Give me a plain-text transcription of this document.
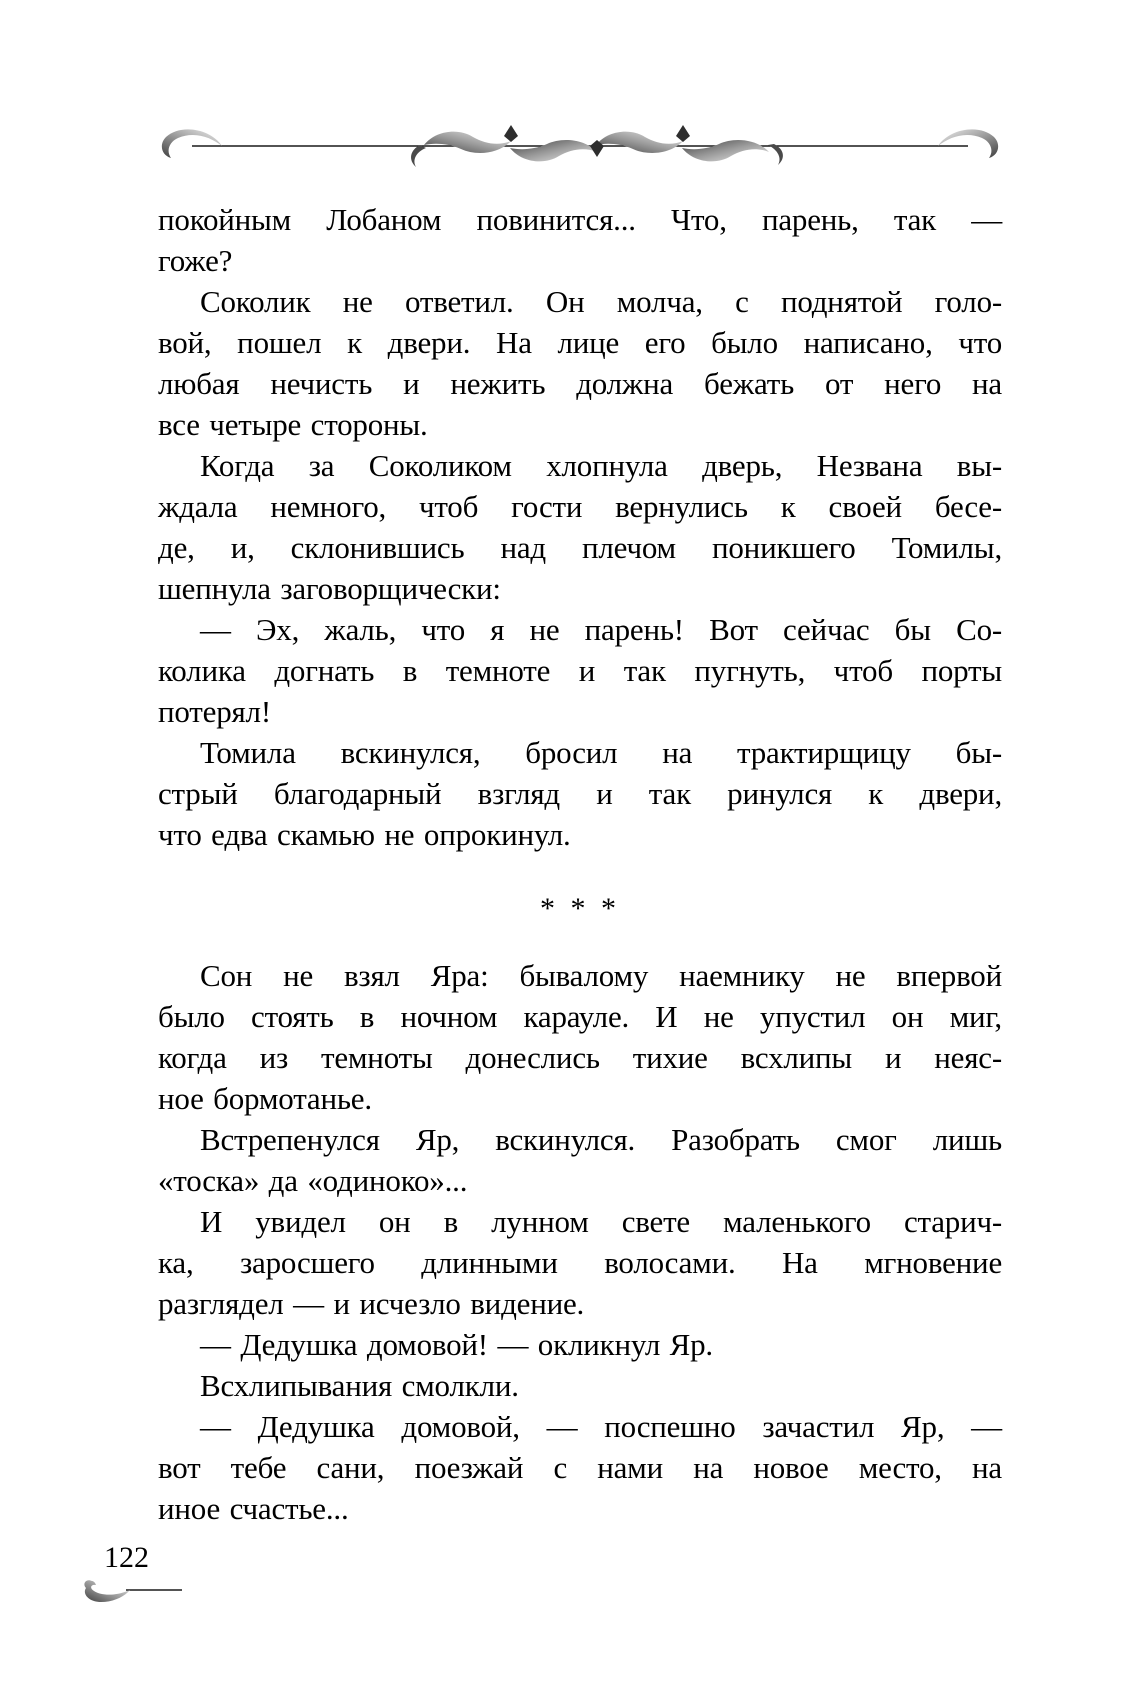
покойным Лобаном повинится... Что, парень, так —
гоже?
Соколик не ответил. Он молча, с поднятой голо-
вой, пошел к двери. На лице его было написано, что
любая нечисть и нежить должна бежать от него на
все четыре стороны.
Когда за Соколиком хлопнула дверь, Незвана вы-
ждала немного, чтоб гости вернулись к своей бесе-
де, и, склонившись над плечом поникшего Томилы,
шепнула заговорщически:
— Эх, жаль, что я не парень! Вот сейчас бы Со-
колика догнать в темноте и так пугнуть, чтоб порты
потерял!
Томила вскинулся, бросил на трактирщицу бы-
стрый благодарный взгляд и так ринулся к двери,
что едва скамью не опрокинул.
* * *
Сон не взял Яра: бывалому наемнику не впервой
было стоять в ночном карауле. И не упустил он миг,
когда из темноты донеслись тихие всхлипы и неяс-
ное бормотанье.
Встрепенулся Яр, вскинулся. Разобрать смог лишь
«тоска» да «одиноко»...
И увидел он в лунном свете маленького старич-
ка, заросшего длинными волосами. На мгновение
разглядел — и исчезло видение.
— Дедушка домовой! — окликнул Яр.
Всхлипывания смолкли.
— Дедушка домовой, — поспешно зачастил Яр, —
вот тебе сани, поезжай с нами на новое место, на
иное счастье...
122
